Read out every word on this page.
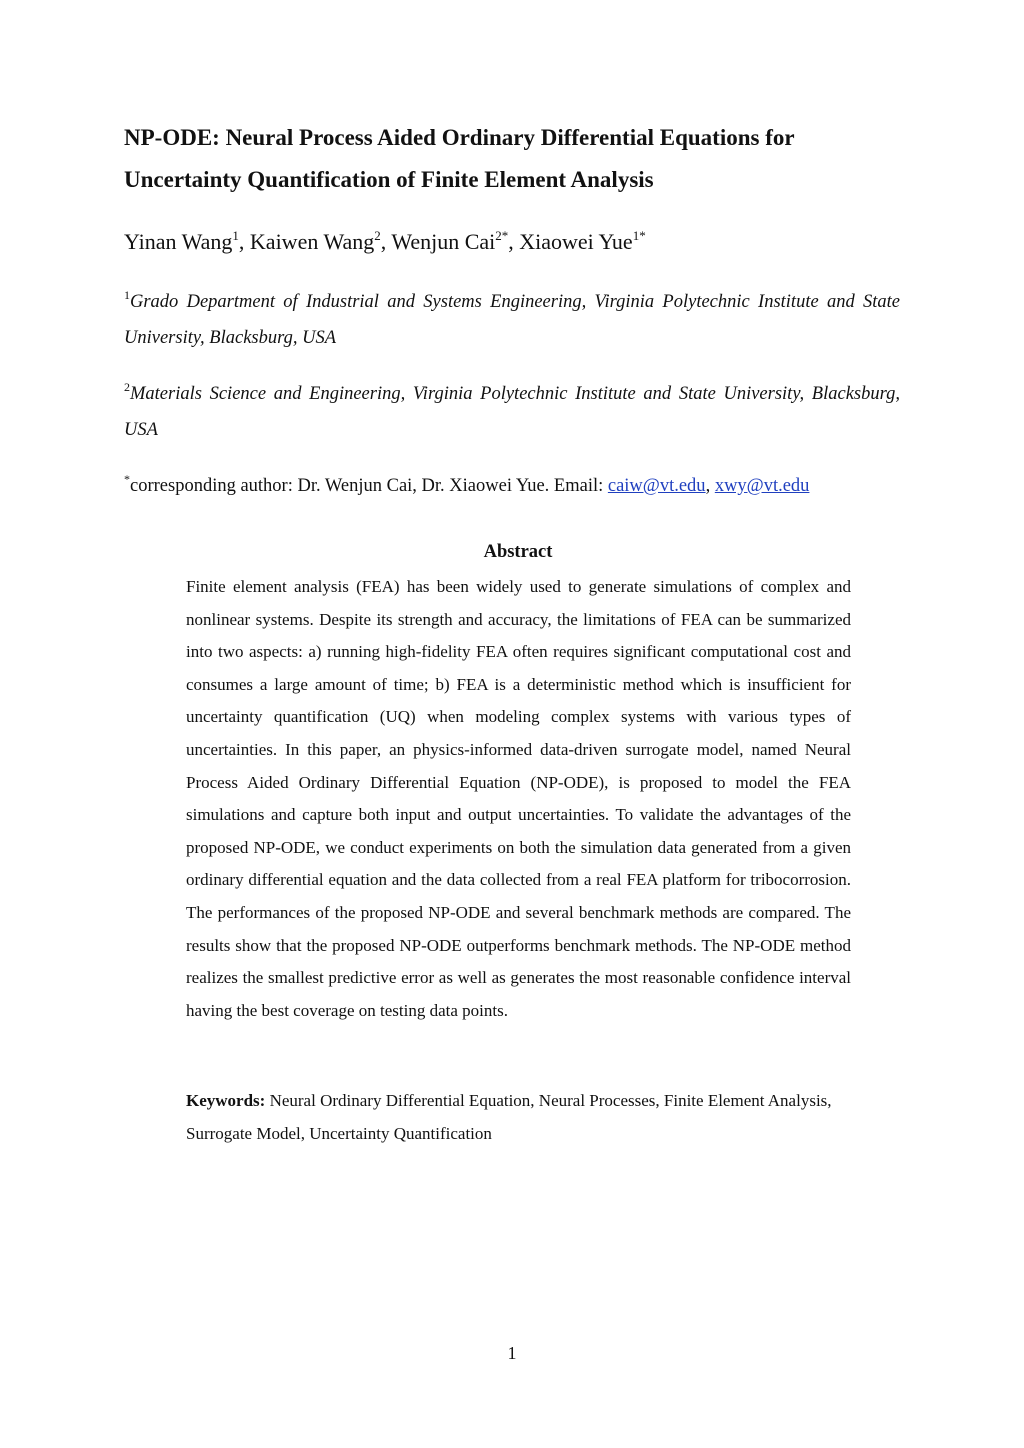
NP-ODE: Neural Process Aided Ordinary Differential Equations for
Uncertainty Quantification of Finite Element Analysis
Yinan Wang$^1$, Kaiwen Wang$^2$, Wenjun Cai$^{2*}$, Xiaowei Yue$^{1*}$
$^1$Grado Department of Industrial and Systems Engineering, Virginia Polytechnic Institute and State University, Blacksburg, USA
$^2$Materials Science and Engineering, Virginia Polytechnic Institute and State University, Blacksburg, USA
*corresponding author: Dr. Wenjun Cai, Dr. Xiaowei Yue. Email: caiw@vt.edu, xwy@vt.edu
Abstract

Finite element analysis (FEA) has been widely used to generate simulations of complex and nonlinear systems. Despite its strength and accuracy, the limitations of FEA can be summarized into two aspects: a) running high-fidelity FEA often requires significant computational cost and consumes a large amount of time; b) FEA is a deterministic method which is insufficient for uncertainty quantification (UQ) when modeling complex systems with various types of uncertainties. In this paper, an physics-informed data-driven surrogate model, named Neural Process Aided Ordinary Differential Equation (NP-ODE), is proposed to model the FEA simulations and capture both input and output uncertainties. To validate the advantages of the proposed NP-ODE, we conduct experiments on both the simulation data generated from a given ordinary differential equation and the data collected from a real FEA platform for tribocorrosion. The performances of the proposed NP-ODE and several benchmark methods are compared. The results show that the proposed NP-ODE outperforms benchmark methods. The NP-ODE method realizes the smallest predictive error as well as generates the most reasonable confidence interval having the best coverage on testing data points.

Keywords: Neural Ordinary Differential Equation, Neural Processes, Finite Element Analysis, Surrogate Model, Uncertainty Quantification

1
